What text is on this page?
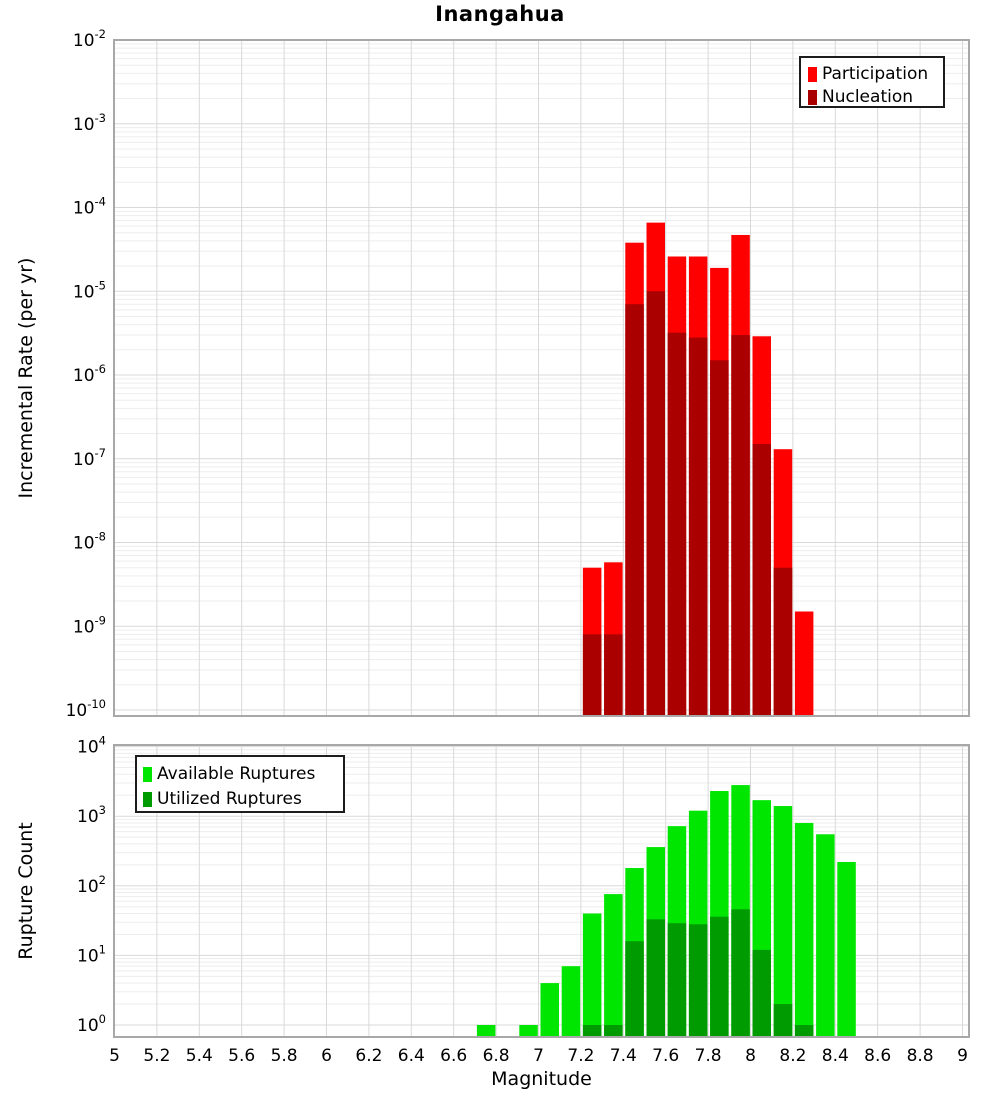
$10^{-10}$
$10^{-9}$
$10^{-8}$
$10^{-7}$
$10^{-6}$
$10^{-5}$
$10^{-4}$
$10^{-3}$
$10^{-2}$
$10^0$
$10^1$
$10^2$
$10^3$
$10^4$
5 5.2 5.4 5.6 5.8 6 6.2 6.4 6.6 6.8 7 7.2 7.4 7.6 7.8 8 8.2 8.4 8.6 8.8 9
Inangahua
Incremental Rate (per yr)
Rupture Count
Magnitude
Participation
Nucleation
Available Ruptures
Utilized Ruptures
